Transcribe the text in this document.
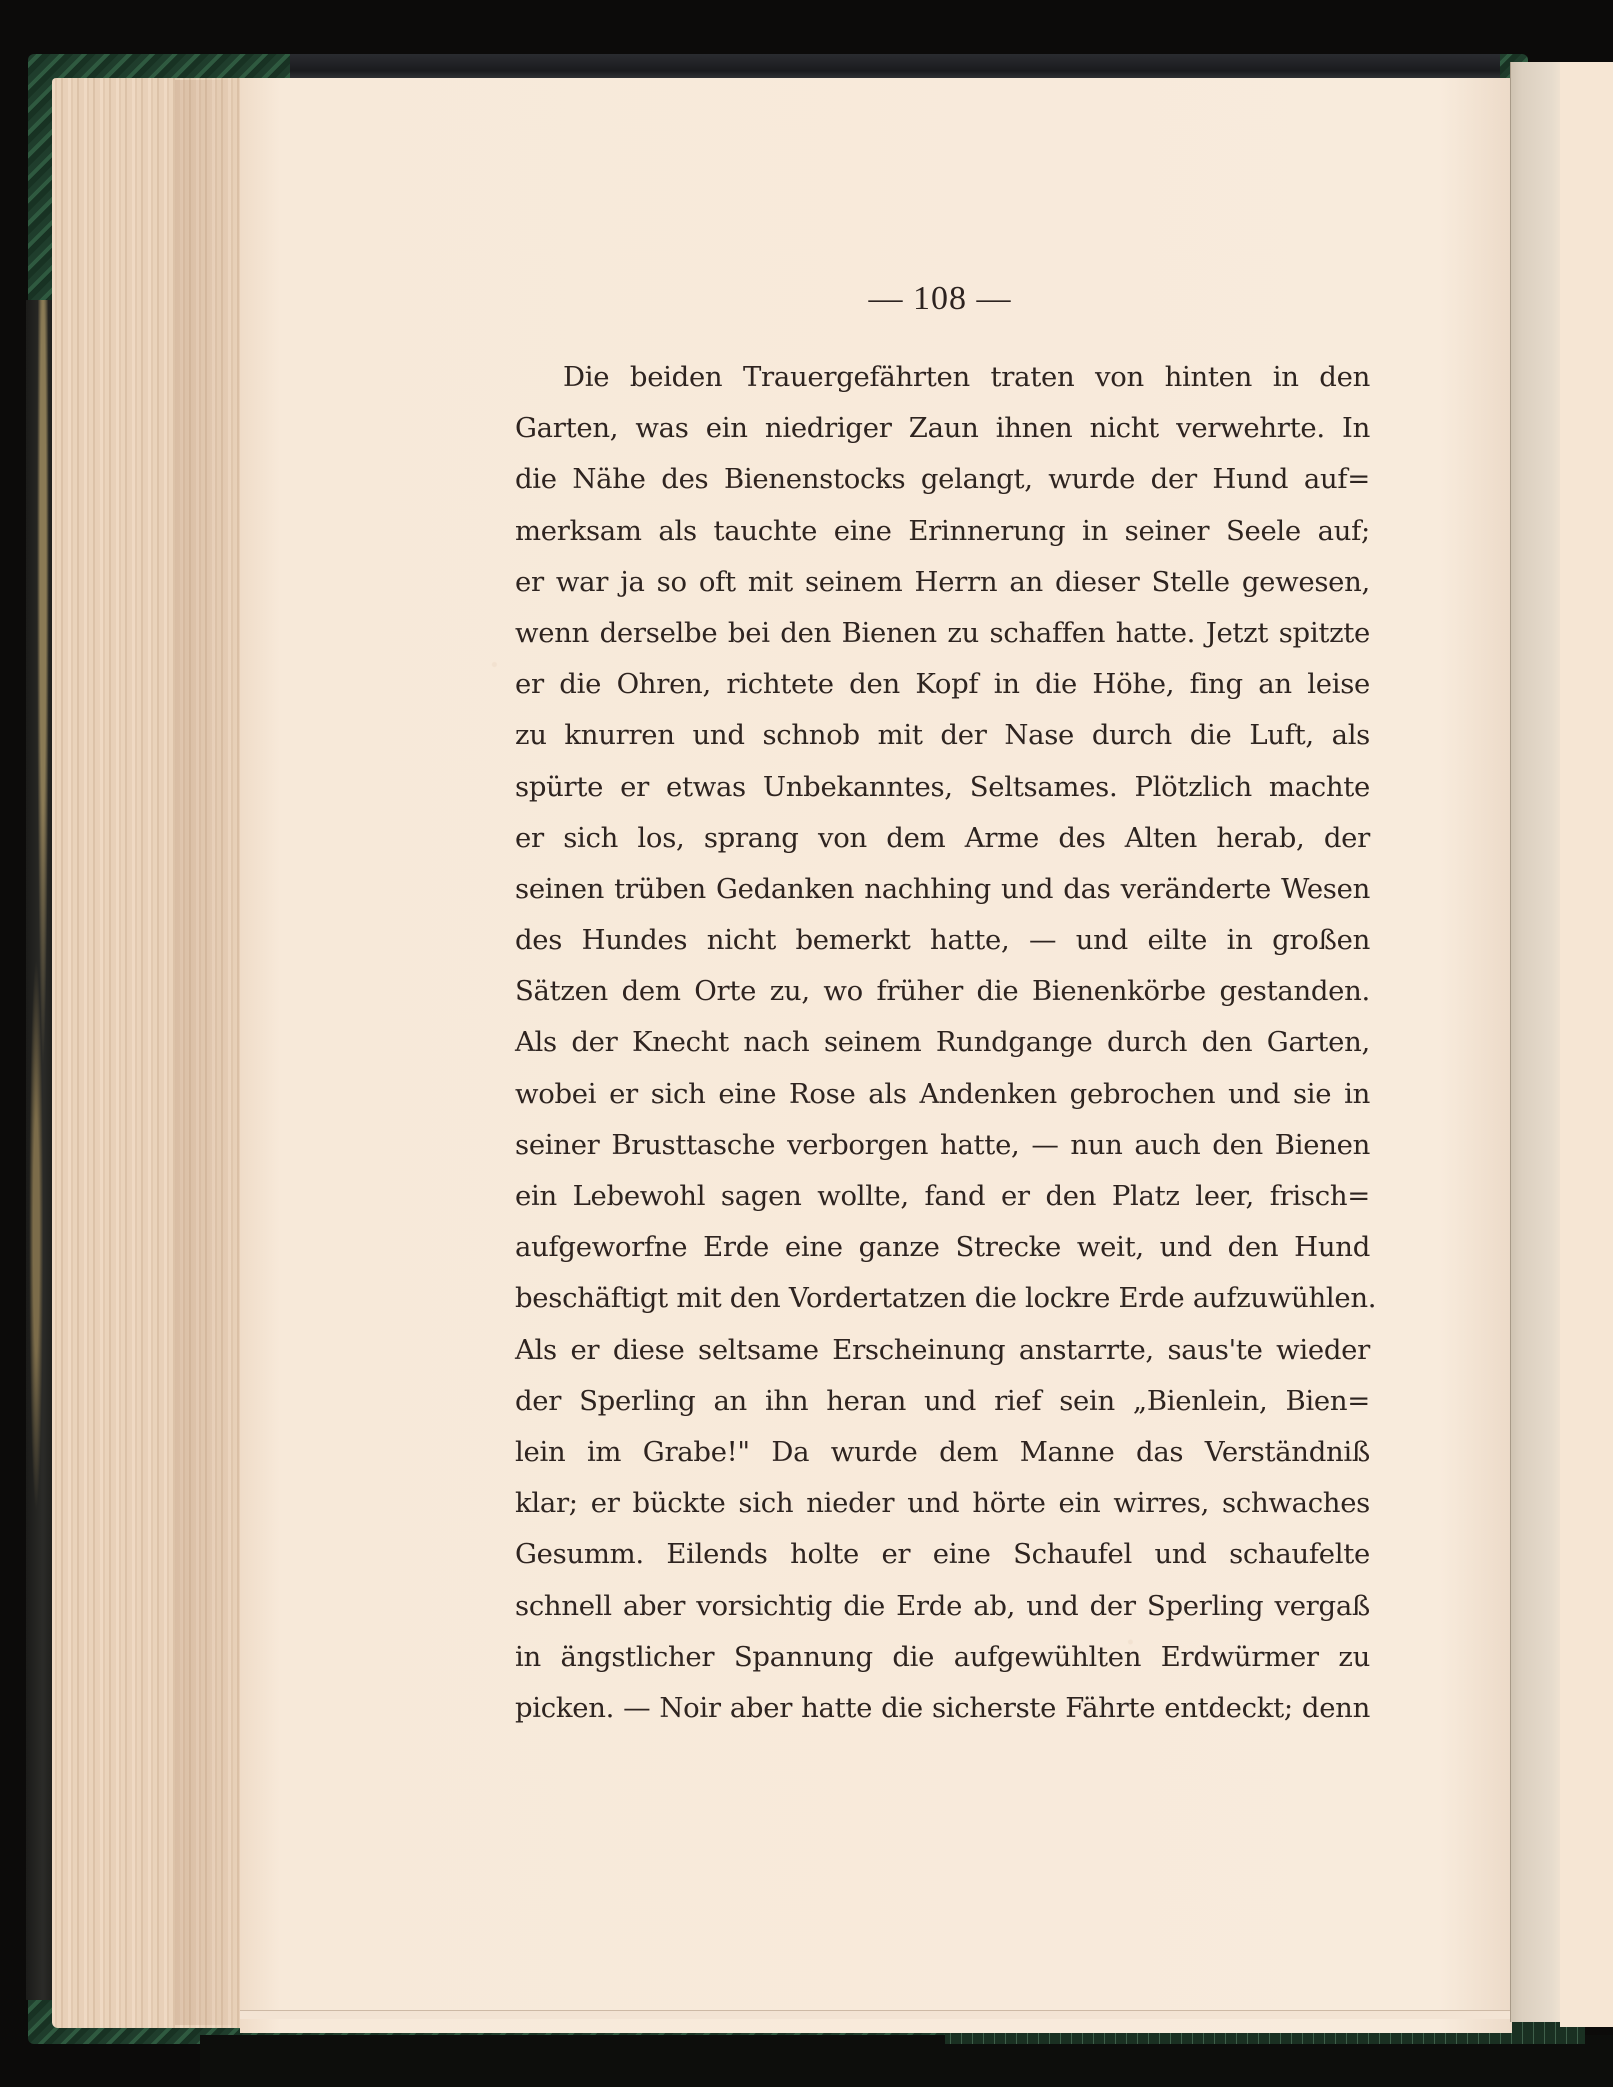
— 108 —
Die beiden Trauergefährten traten von hinten in den
Garten, was ein niedriger Zaun ihnen nicht verwehrte. In
die Nähe des Bienenstocks gelangt, wurde der Hund auf=
merksam als tauchte eine Erinnerung in seiner Seele auf;
er war ja so oft mit seinem Herrn an dieser Stelle gewesen,
wenn derselbe bei den Bienen zu schaffen hatte. Jetzt spitzte
er die Ohren, richtete den Kopf in die Höhe, fing an leise
zu knurren und schnob mit der Nase durch die Luft, als
spürte er etwas Unbekanntes, Seltsames. Plötzlich machte
er sich los, sprang von dem Arme des Alten herab, der
seinen trüben Gedanken nachhing und das veränderte Wesen
des Hundes nicht bemerkt hatte, — und eilte in großen
Sätzen dem Orte zu, wo früher die Bienenkörbe gestanden.
Als der Knecht nach seinem Rundgange durch den Garten,
wobei er sich eine Rose als Andenken gebrochen und sie in
seiner Brusttasche verborgen hatte, — nun auch den Bienen
ein Lebewohl sagen wollte, fand er den Platz leer, frisch=
aufgeworfne Erde eine ganze Strecke weit, und den Hund
beschäftigt mit den Vordertatzen die lockre Erde aufzuwühlen.
Als er diese seltsame Erscheinung anstarrte, saus'te wieder
der Sperling an ihn heran und rief sein „Bienlein, Bien=
lein im Grabe!" Da wurde dem Manne das Verständniß
klar; er bückte sich nieder und hörte ein wirres, schwaches
Gesumm. Eilends holte er eine Schaufel und schaufelte
schnell aber vorsichtig die Erde ab, und der Sperling vergaß
in ängstlicher Spannung die aufgewühlten Erdwürmer zu
picken. — Noir aber hatte die sicherste Fährte entdeckt; denn
